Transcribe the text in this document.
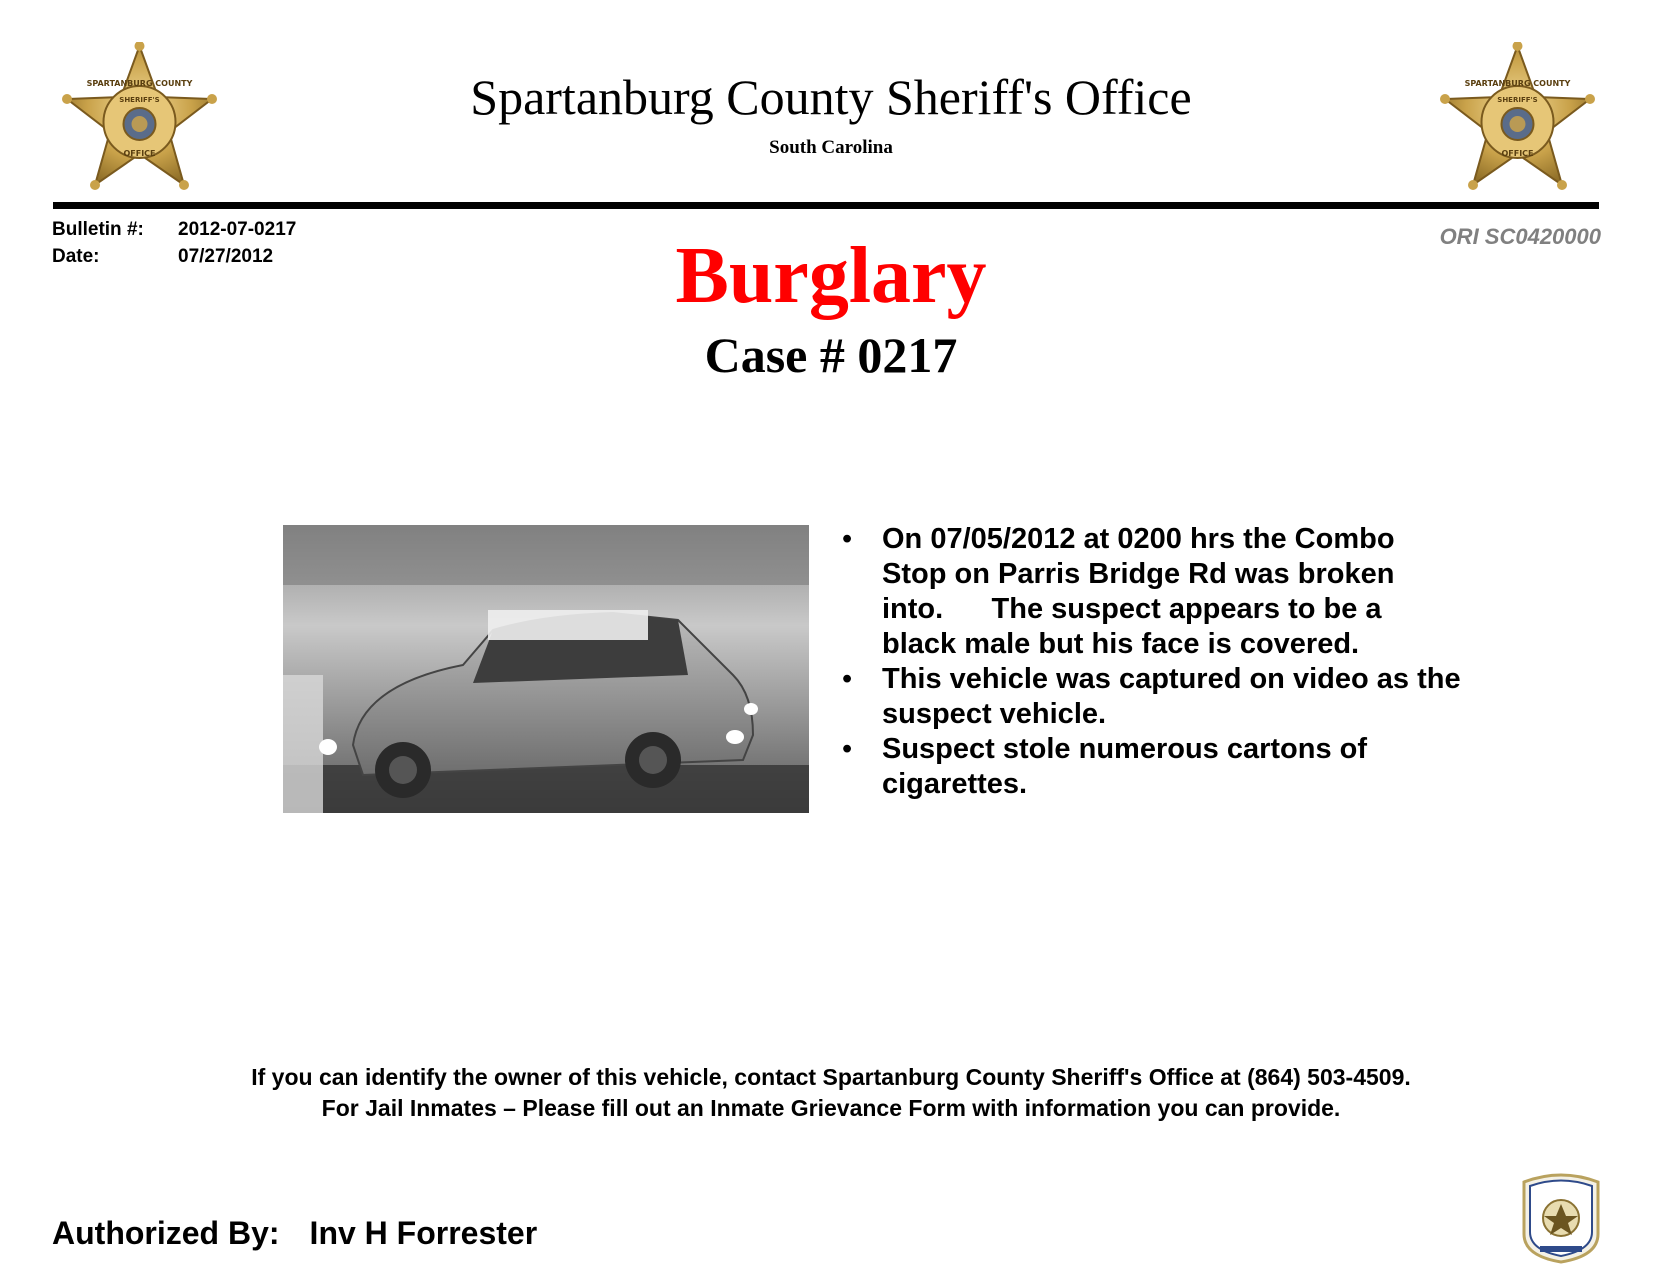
SPARTANBURG COUNTY
SHERIFF'S
OFFICE
SPARTANBURG COUNTY
SHERIFF'S
OFFICE
Spartanburg County Sheriff's Office
South Carolina
Bulletin #:	2012-07-0217
Date:	07/27/2012
ORI SC0420000
Burglary
Case # 0217
• On 07/05/2012 at 0200 hrs the Combo Stop on Parris Bridge Rd was broken into.      The suspect appears to be a black male but his face is covered.
• This vehicle was captured on video as the suspect vehicle.
• Suspect stole numerous cartons of cigarettes.
If you can identify the owner of this vehicle, contact Spartanburg County Sheriff's Office at (864) 503-4509.
For Jail Inmates – Please fill out an Inmate Grievance Form with information you can provide.
Authorized By: Inv H Forrester
